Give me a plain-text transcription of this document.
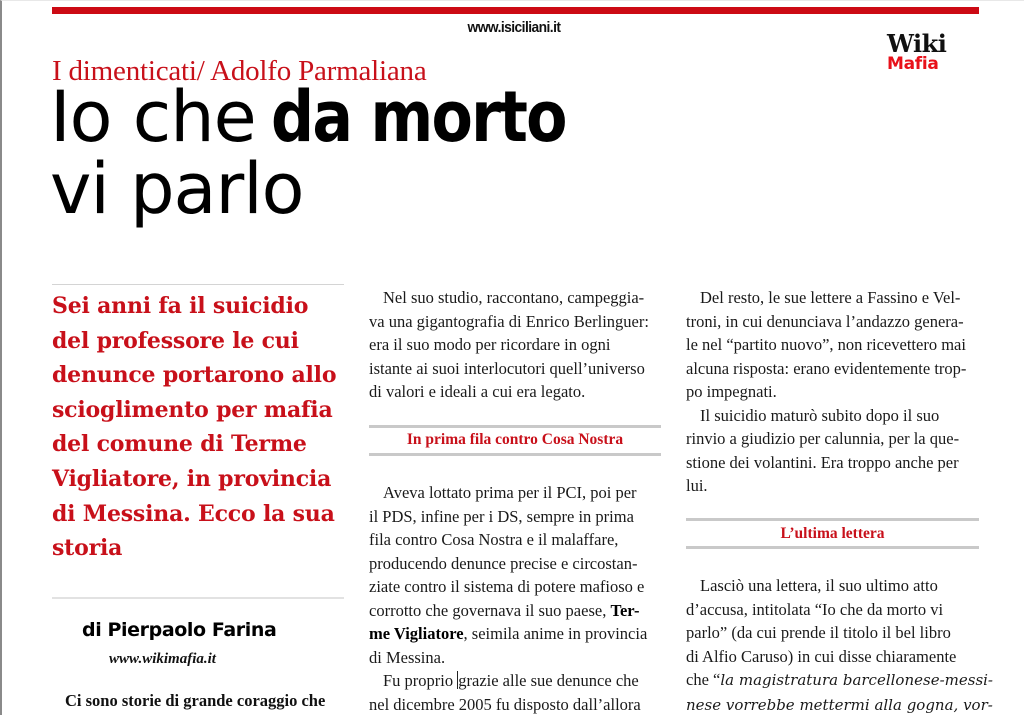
www.isiciliani.it
Wiki
Mafia
I dimenticati/ Adolfo Parmaliana
Io che da morto
vi parlo
Sei anni fa il suicidio
del professore le cui
denunce portarono allo
scioglimento per mafia
del comune di Terme
Vigliatore, in provincia
di Messina. Ecco la sua
storia
di Pierpaolo Farina
www.wikimafia.it
Ci sono storie di grande coraggio che
Nel suo studio, raccontano, campeggia-
va una gigantografia di Enrico Berlinguer:
era il suo modo per ricordare in ogni
istante ai suoi interlocutori quell’universo
di valori e ideali a cui era legato.
In prima fila contro Cosa Nostra
Aveva lottato prima per il PCI, poi per
il PDS, infine per i DS, sempre in prima
fila contro Cosa Nostra e il malaffare,
producendo denunce precise e circostan-
ziate contro il sistema di potere mafioso e
corrotto che governava il suo paese, Ter-
me Vigliatore, seimila anime in provincia
di Messina.
Fu proprio grazie alle sue denunce che
nel dicembre 2005 fu disposto dall’allora
Del resto, le sue lettere a Fassino e Vel-
troni, in cui denunciava l’andazzo genera-
le nel “partito nuovo”, non ricevettero mai
alcuna risposta: erano evidentemente trop-
po impegnati.
Il suicidio maturò subito dopo il suo
rinvio a giudizio per calunnia, per la que-
stione dei volantini. Era troppo anche per
lui.
L’ultima lettera
Lasciò una lettera, il suo ultimo atto
d’accusa, intitolata “Io che da morto vi
parlo” (da cui prende il titolo il bel libro
di Alfio Caruso) in cui disse chiaramente
che “la magistratura barcellonese-messi-
nese vorrebbe mettermi alla gogna, vor-
